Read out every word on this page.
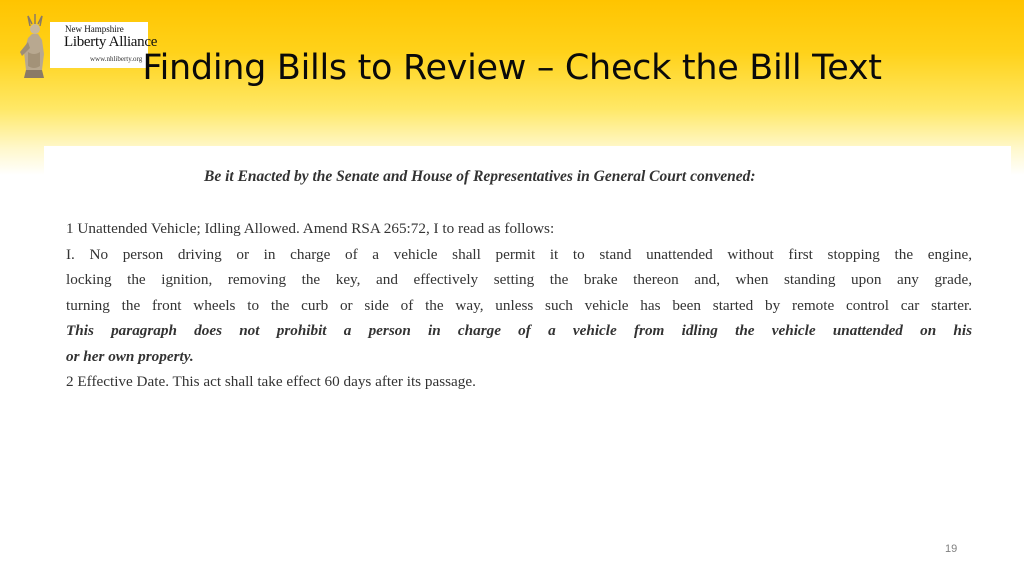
New Hampshire
Liberty Alliance
www.nhliberty.org Finding Bills to Review – Check the Bill Text
Be it Enacted by the Senate and House of Representatives in General Court convened:
1 Unattended Vehicle; Idling Allowed. Amend RSA 265:72, I to read as follows:
I. No person driving or in charge of a vehicle shall permit it to stand unattended without first stopping the engine,
locking the ignition, removing the key, and effectively setting the brake thereon and, when standing upon any grade,
turning the front wheels to the curb or side of the way, unless such vehicle has been started by remote control car starter.
This paragraph does not prohibit a person in charge of a vehicle from idling the vehicle unattended on his
or her own property.
2 Effective Date. This act shall take effect 60 days after its passage.
19
